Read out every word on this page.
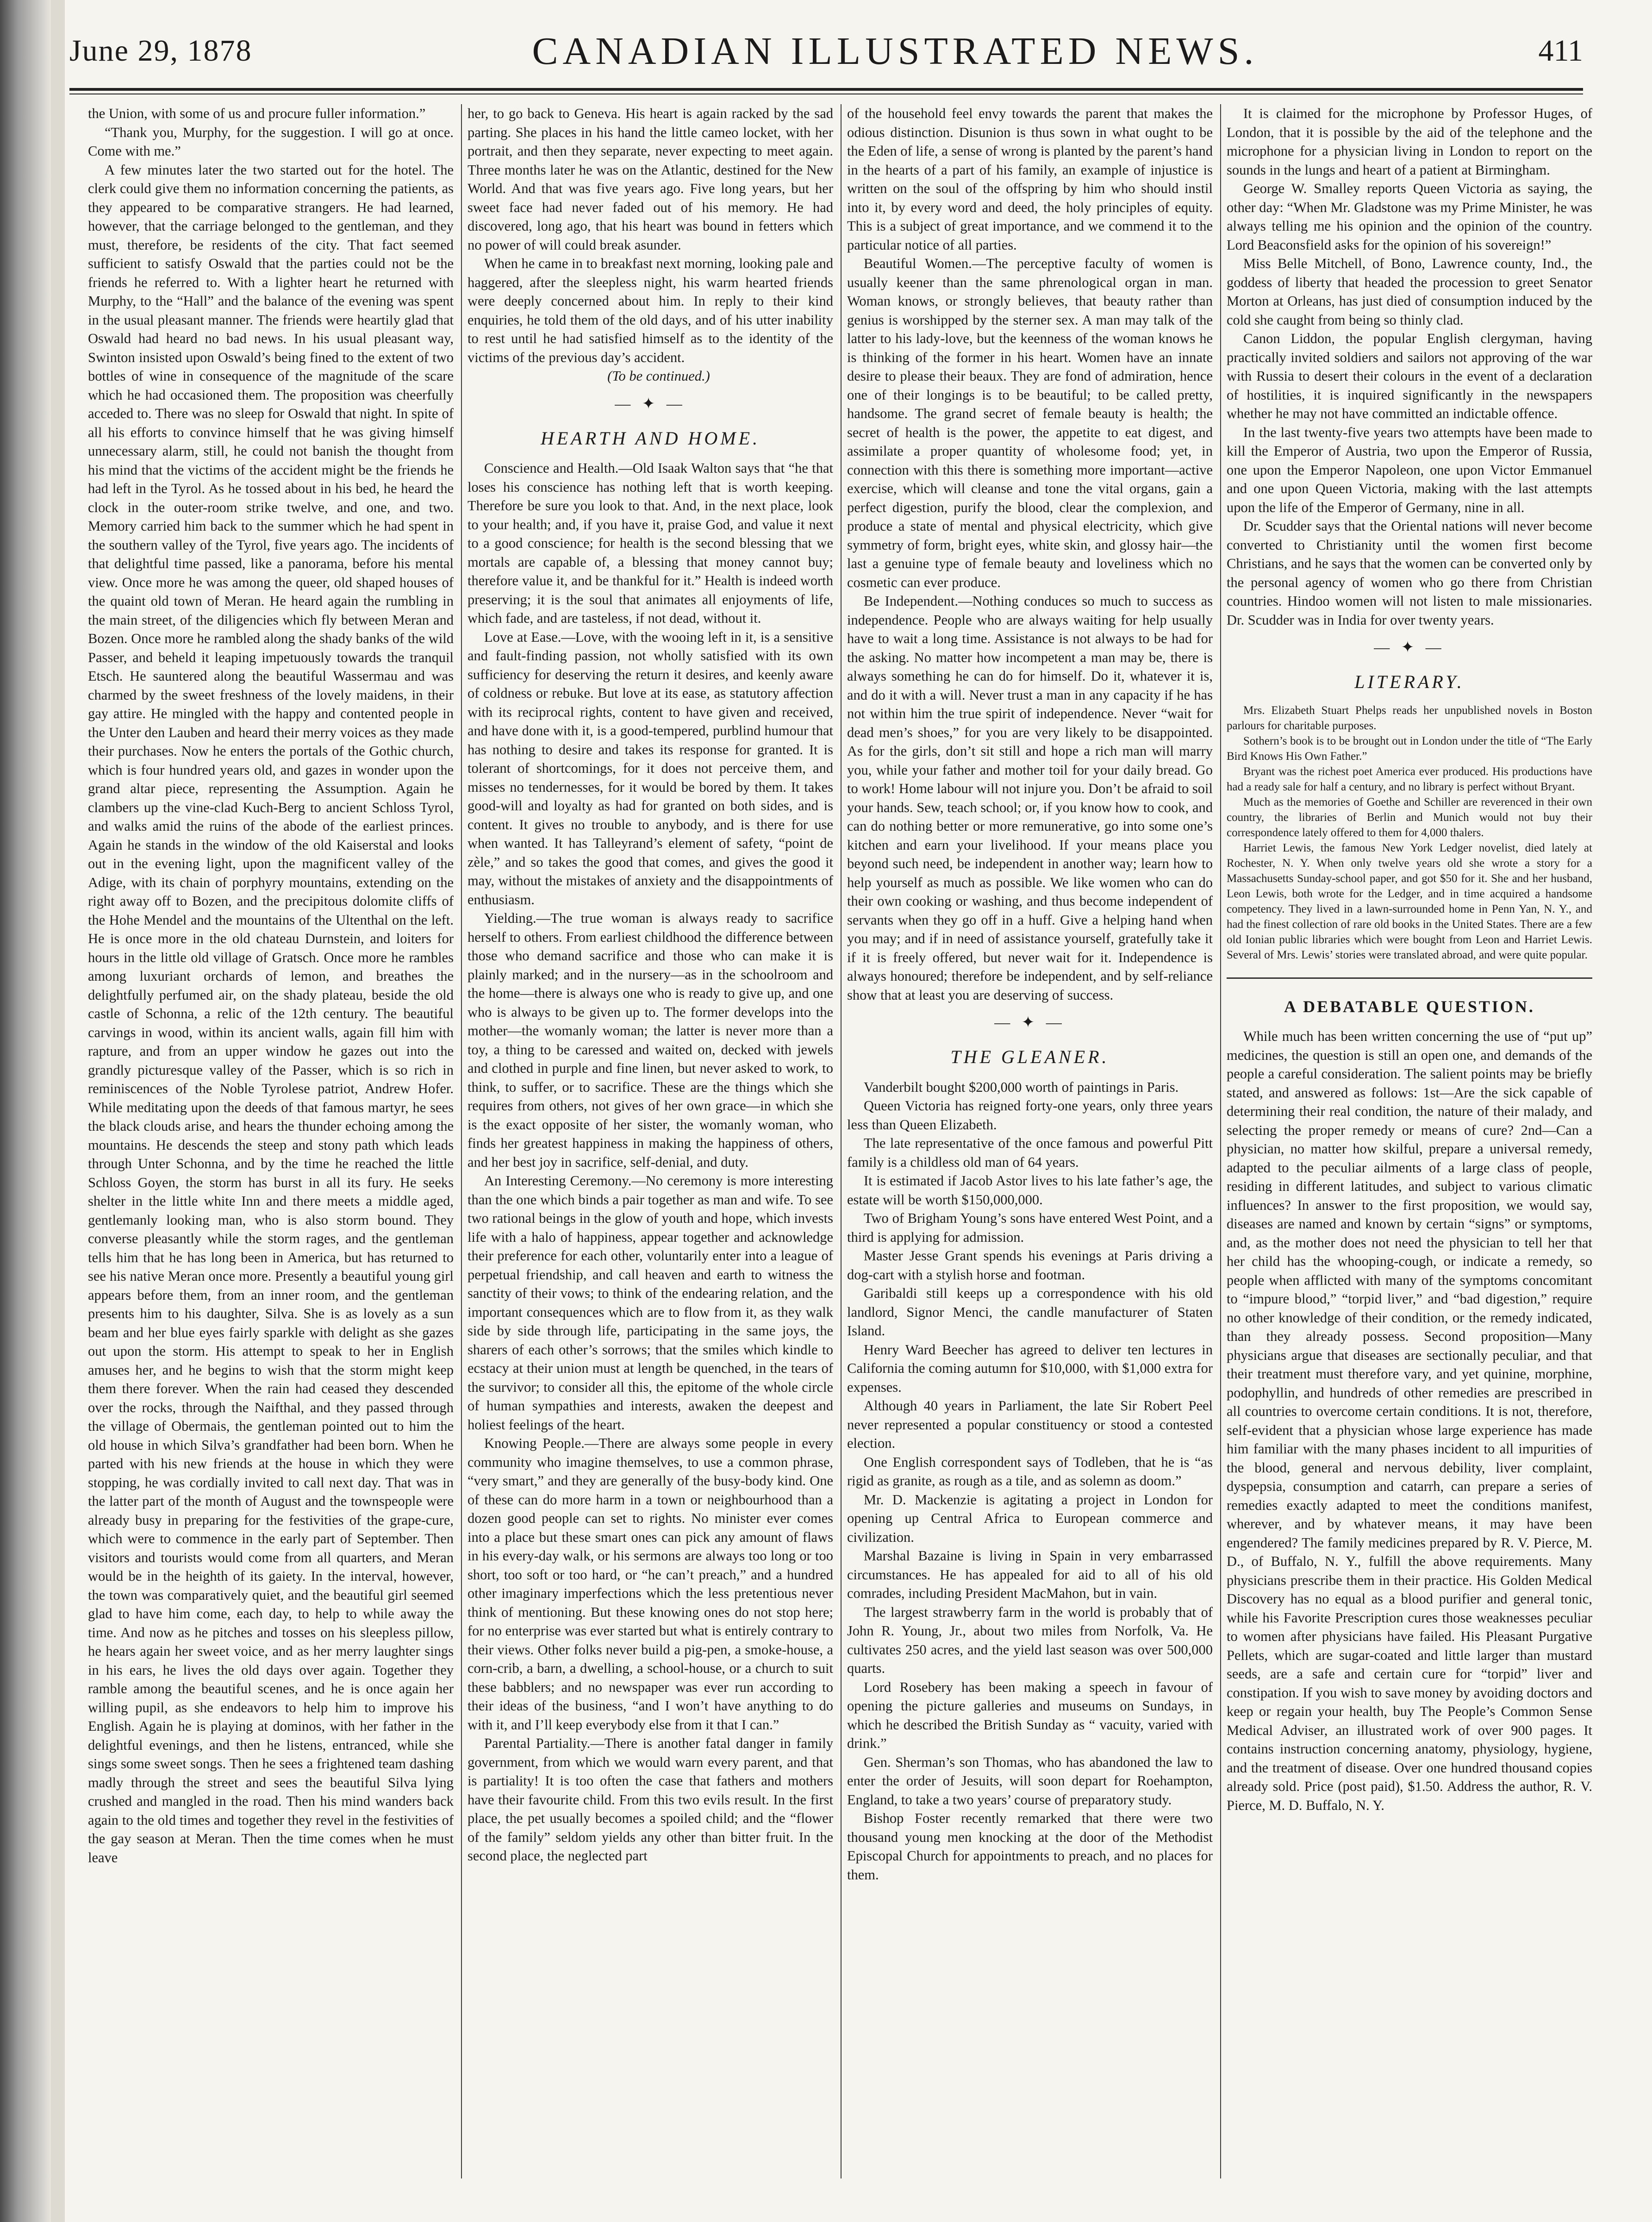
June 29, 1878	CANADIAN ILLUSTRATED NEWS.	411

the Union, with some of us and procure fuller information.”

“Thank you, Murphy, for the suggestion. I will go at once. Come with me.”

A few minutes later the two started out for the hotel. The clerk could give them no information concerning the patients, as they appeared to be comparative strangers. He had learned, however, that the carriage belonged to the gentleman, and they must, therefore, be residents of the city. That fact seemed sufficient to satisfy Oswald that the parties could not be the friends he referred to. With a lighter heart he returned with Murphy, to the “Hall” and the balance of the evening was spent in the usual pleasant manner. The friends were heartily glad that Oswald had heard no bad news. In his usual pleasant way, Swinton insisted upon Oswald’s being fined to the extent of two bottles of wine in consequence of the magnitude of the scare which he had occasioned them. The proposition was cheerfully acceded to. There was no sleep for Oswald that night. In spite of all his efforts to convince himself that he was giving himself unnecessary alarm, still, he could not banish the thought from his mind that the victims of the accident might be the friends he had left in the Tyrol. As he tossed about in his bed, he heard the clock in the outer-room strike twelve, and one, and two. Memory carried him back to the summer which he had spent in the southern valley of the Tyrol, five years ago. The incidents of that delightful time passed, like a panorama, before his mental view. Once more he was among the queer, old shaped houses of the quaint old town of Meran. He heard again the rumbling in the main street, of the diligencies which fly between Meran and Bozen. Once more he rambled along the shady banks of the wild Passer, and beheld it leaping impetuously towards the tranquil Etsch. He sauntered along the beautiful Wassermau and was charmed by the sweet freshness of the lovely maidens, in their gay attire. He mingled with the happy and contented people in the Unter den Lauben and heard their merry voices as they made their purchases. Now he enters the portals of the Gothic church, which is four hundred years old, and gazes in wonder upon the grand altar piece, representing the Assumption. Again he clambers up the vine-clad Kuch-Berg to ancient Schloss Tyrol, and walks amid the ruins of the abode of the earliest princes. Again he stands in the window of the old Kaiserstal and looks out in the evening light, upon the magnificent valley of the Adige, with its chain of porphyry mountains, extending on the right away off to Bozen, and the precipitous dolomite cliffs of the Hohe Mendel and the mountains of the Ultenthal on the left. He is once more in the old chateau Durnstein, and loiters for hours in the little old village of Gratsch. Once more he rambles among luxuriant orchards of lemon, and breathes the delightfully perfumed air, on the shady plateau, beside the old castle of Schonna, a relic of the 12th century. The beautiful carvings in wood, within its ancient walls, again fill him with rapture, and from an upper window he gazes out into the grandly picturesque valley of the Passer, which is so rich in reminiscences of the Noble Tyrolese patriot, Andrew Hofer. While meditating upon the deeds of that famous martyr, he sees the black clouds arise, and hears the thunder echoing among the mountains. He descends the steep and stony path which leads through Unter Schonna, and by the time he reached the little Schloss Goyen, the storm has burst in all its fury. He seeks shelter in the little white Inn and there meets a middle aged, gentlemanly looking man, who is also storm bound. They converse pleasantly while the storm rages, and the gentleman tells him that he has long been in America, but has returned to see his native Meran once more. Presently a beautiful young girl appears before them, from an inner room, and the gentleman presents him to his daughter, Silva. She is as lovely as a sun beam and her blue eyes fairly sparkle with delight as she gazes out upon the storm. His attempt to speak to her in English amuses her, and he begins to wish that the storm might keep them there forever. When the rain had ceased they descended over the rocks, through the Naifthal, and they passed through the village of Obermais, the gentleman pointed out to him the old house in which Silva’s grandfather had been born. When he parted with his new friends at the house in which they were stopping, he was cordially invited to call next day. That was in the latter part of the month of August and the townspeople were already busy in preparing for the festivities of the grape-cure, which were to commence in the early part of September. Then visitors and tourists would come from all quarters, and Meran would be in the heighth of its gaiety. In the interval, however, the town was comparatively quiet, and the beautiful girl seemed glad to have him come, each day, to help to while away the time. And now as he pitches and tosses on his sleepless pillow, he hears again her sweet voice, and as her merry laughter sings in his ears, he lives the old days over again. Together they ramble among the beautiful scenes, and he is once again her willing pupil, as she endeavors to help him to improve his English. Again he is playing at dominos, with her father in the delightful evenings, and then he listens, entranced, while she sings some sweet songs. Then he sees a frightened team dashing madly through the street and sees the beautiful Silva lying crushed and mangled in the road. Then his mind wanders back again to the old times and together they revel in the festivities of the gay season at Meran. Then the time comes when he must leave

her, to go back to Geneva. His heart is again racked by the sad parting. She places in his hand the little cameo locket, with her portrait, and then they separate, never expecting to meet again. Three months later he was on the Atlantic, destined for the New World. And that was five years ago. Five long years, but her sweet face had never faded out of his memory. He had discovered, long ago, that his heart was bound in fetters which no power of will could break asunder.

When he came in to breakfast next morning, looking pale and haggered, after the sleepless night, his warm hearted friends were deeply concerned about him. In reply to their kind enquiries, he told them of the old days, and of his utter inability to rest until he had satisfied himself as to the identity of the victims of the previous day’s accident.

(To be continued.)

— ✦ —
HEARTH AND HOME.

Conscience and Health.—Old Isaak Walton says that “he that loses his conscience has nothing left that is worth keeping. Therefore be sure you look to that. And, in the next place, look to your health; and, if you have it, praise God, and value it next to a good conscience; for health is the second blessing that we mortals are capable of, a blessing that money cannot buy; therefore value it, and be thankful for it.” Health is indeed worth preserving; it is the soul that animates all enjoyments of life, which fade, and are tasteless, if not dead, without it.

Love at Ease.—Love, with the wooing left in it, is a sensitive and fault-finding passion, not wholly satisfied with its own sufficiency for deserving the return it desires, and keenly aware of coldness or rebuke. But love at its ease, as statutory affection with its reciprocal rights, content to have given and received, and have done with it, is a good-tempered, purblind humour that has nothing to desire and takes its response for granted. It is tolerant of shortcomings, for it does not perceive them, and misses no tendernesses, for it would be bored by them. It takes good-will and loyalty as had for granted on both sides, and is content. It gives no trouble to anybody, and is there for use when wanted. It has Talleyrand’s element of safety, “point de zèle,” and so takes the good that comes, and gives the good it may, without the mistakes of anxiety and the disappointments of enthusiasm.

Yielding.—The true woman is always ready to sacrifice herself to others. From earliest childhood the difference between those who demand sacrifice and those who can make it is plainly marked; and in the nursery—as in the schoolroom and the home—there is always one who is ready to give up, and one who is always to be given up to. The former develops into the mother—the womanly woman; the latter is never more than a toy, a thing to be caressed and waited on, decked with jewels and clothed in purple and fine linen, but never asked to work, to think, to suffer, or to sacrifice. These are the things which she requires from others, not gives of her own grace—in which she is the exact opposite of her sister, the womanly woman, who finds her greatest happiness in making the happiness of others, and her best joy in sacrifice, self-denial, and duty.

An Interesting Ceremony.—No ceremony is more interesting than the one which binds a pair together as man and wife. To see two rational beings in the glow of youth and hope, which invests life with a halo of happiness, appear together and acknowledge their preference for each other, voluntarily enter into a league of perpetual friendship, and call heaven and earth to witness the sanctity of their vows; to think of the endearing relation, and the important consequences which are to flow from it, as they walk side by side through life, participating in the same joys, the sharers of each other’s sorrows; that the smiles which kindle to ecstacy at their union must at length be quenched, in the tears of the survivor; to consider all this, the epitome of the whole circle of human sympathies and interests, awaken the deepest and holiest feelings of the heart.

Knowing People.—There are always some people in every community who imagine themselves, to use a common phrase, “very smart,” and they are generally of the busy-body kind. One of these can do more harm in a town or neighbourhood than a dozen good people can set to rights. No minister ever comes into a place but these smart ones can pick any amount of flaws in his every-day walk, or his sermons are always too long or too short, too soft or too hard, or “he can’t preach,” and a hundred other imaginary imperfections which the less pretentious never think of mentioning. But these knowing ones do not stop here; for no enterprise was ever started but what is entirely contrary to their views. Other folks never build a pig-pen, a smoke-house, a corn-crib, a barn, a dwelling, a school-house, or a church to suit these babblers; and no newspaper was ever run according to their ideas of the business, “and I won’t have anything to do with it, and I’ll keep everybody else from it that I can.”

Parental Partiality.—There is another fatal danger in family government, from which we would warn every parent, and that is partiality! It is too often the case that fathers and mothers have their favourite child. From this two evils result. In the first place, the pet usually becomes a spoiled child; and the “flower of the family” seldom yields any other than bitter fruit. In the second place, the neglected part

of the household feel envy towards the parent that makes the odious distinction. Disunion is thus sown in what ought to be the Eden of life, a sense of wrong is planted by the parent’s hand in the hearts of a part of his family, an example of injustice is written on the soul of the offspring by him who should instil into it, by every word and deed, the holy principles of equity. This is a subject of great importance, and we commend it to the particular notice of all parties.

Beautiful Women.—The perceptive faculty of women is usually keener than the same phrenological organ in man. Woman knows, or strongly believes, that beauty rather than genius is worshipped by the sterner sex. A man may talk of the latter to his lady-love, but the keenness of the woman knows he is thinking of the former in his heart. Women have an innate desire to please their beaux. They are fond of admiration, hence one of their longings is to be beautiful; to be called pretty, handsome. The grand secret of female beauty is health; the secret of health is the power, the appetite to eat digest, and assimilate a proper quantity of wholesome food; yet, in connection with this there is something more important—active exercise, which will cleanse and tone the vital organs, gain a perfect digestion, purify the blood, clear the complexion, and produce a state of mental and physical electricity, which give symmetry of form, bright eyes, white skin, and glossy hair—the last a genuine type of female beauty and loveliness which no cosmetic can ever produce.

Be Independent.—Nothing conduces so much to success as independence. People who are always waiting for help usually have to wait a long time. Assistance is not always to be had for the asking. No matter how incompetent a man may be, there is always something he can do for himself. Do it, whatever it is, and do it with a will. Never trust a man in any capacity if he has not within him the true spirit of independence. Never “wait for dead men’s shoes,” for you are very likely to be disappointed. As for the girls, don’t sit still and hope a rich man will marry you, while your father and mother toil for your daily bread. Go to work! Home labour will not injure you. Don’t be afraid to soil your hands. Sew, teach school; or, if you know how to cook, and can do nothing better or more remunerative, go into some one’s kitchen and earn your livelihood. If your means place you beyond such need, be independent in another way; learn how to help yourself as much as possible. We like women who can do their own cooking or washing, and thus become independent of servants when they go off in a huff. Give a helping hand when you may; and if in need of assistance yourself, gratefully take it if it is freely offered, but never wait for it. Independence is always honoured; therefore be independent, and by self-reliance show that at least you are deserving of success.

— ✦ —
THE GLEANER.

Vanderbilt bought $200,000 worth of paintings in Paris.

Queen Victoria has reigned forty-one years, only three years less than Queen Elizabeth.

The late representative of the once famous and powerful Pitt family is a childless old man of 64 years.

It is estimated if Jacob Astor lives to his late father’s age, the estate will be worth $150,000,000.

Two of Brigham Young’s sons have entered West Point, and a third is applying for admission.

Master Jesse Grant spends his evenings at Paris driving a dog-cart with a stylish horse and footman.

Garibaldi still keeps up a correspondence with his old landlord, Signor Menci, the candle manufacturer of Staten Island.

Henry Ward Beecher has agreed to deliver ten lectures in California the coming autumn for $10,000, with $1,000 extra for expenses.

Although 40 years in Parliament, the late Sir Robert Peel never represented a popular constituency or stood a contested election.

One English correspondent says of Todleben, that he is “as rigid as granite, as rough as a tile, and as solemn as doom.”

Mr. D. Mackenzie is agitating a project in London for opening up Central Africa to European commerce and civilization.

Marshal Bazaine is living in Spain in very embarrassed circumstances. He has appealed for aid to all of his old comrades, including President MacMahon, but in vain.

The largest strawberry farm in the world is probably that of John R. Young, Jr., about two miles from Norfolk, Va. He cultivates 250 acres, and the yield last season was over 500,000 quarts.

Lord Rosebery has been making a speech in favour of opening the picture galleries and museums on Sundays, in which he described the British Sunday as “ vacuity, varied with drink.”

Gen. Sherman’s son Thomas, who has abandoned the law to enter the order of Jesuits, will soon depart for Roehampton, England, to take a two years’ course of preparatory study.

Bishop Foster recently remarked that there were two thousand young men knocking at the door of the Methodist Episcopal Church for appointments to preach, and no places for them.

It is claimed for the microphone by Professor Huges, of London, that it is possible by the aid of the telephone and the microphone for a physician living in London to report on the sounds in the lungs and heart of a patient at Birmingham.

George W. Smalley reports Queen Victoria as saying, the other day: “When Mr. Gladstone was my Prime Minister, he was always telling me his opinion and the opinion of the country. Lord Beaconsfield asks for the opinion of his sovereign!”

Miss Belle Mitchell, of Bono, Lawrence county, Ind., the goddess of liberty that headed the procession to greet Senator Morton at Orleans, has just died of consumption induced by the cold she caught from being so thinly clad.

Canon Liddon, the popular English clergyman, having practically invited soldiers and sailors not approving of the war with Russia to desert their colours in the event of a declaration of hostilities, it is inquired significantly in the newspapers whether he may not have committed an indictable offence.

In the last twenty-five years two attempts have been made to kill the Emperor of Austria, two upon the Emperor of Russia, one upon the Emperor Napoleon, one upon Victor Emmanuel and one upon Queen Victoria, making with the last attempts upon the life of the Emperor of Germany, nine in all.

Dr. Scudder says that the Oriental nations will never become converted to Christianity until the women first become Christians, and he says that the women can be converted only by the personal agency of women who go there from Christian countries. Hindoo women will not listen to male missionaries. Dr. Scudder was in India for over twenty years.

— ✦ —
LITERARY.

Mrs. Elizabeth Stuart Phelps reads her unpublished novels in Boston parlours for charitable purposes.

Sothern’s book is to be brought out in London under the title of “The Early Bird Knows His Own Father.”

Bryant was the richest poet America ever produced. His productions have had a ready sale for half a century, and no library is perfect without Bryant.

Much as the memories of Goethe and Schiller are reverenced in their own country, the libraries of Berlin and Munich would not buy their correspondence lately offered to them for 4,000 thalers.

Harriet Lewis, the famous New York Ledger novelist, died lately at Rochester, N. Y. When only twelve years old she wrote a story for a Massachusetts Sunday-school paper, and got $50 for it. She and her husband, Leon Lewis, both wrote for the Ledger, and in time acquired a handsome competency. They lived in a lawn-surrounded home in Penn Yan, N. Y., and had the finest collection of rare old books in the United States. There are a few old Ionian public libraries which were bought from Leon and Harriet Lewis. Several of Mrs. Lewis’ stories were translated abroad, and were quite popular.

A DEBATABLE QUESTION.

While much has been written concerning the use of “put up” medicines, the question is still an open one, and demands of the people a careful consideration. The salient points may be briefly stated, and answered as follows: 1st—Are the sick capable of determining their real condition, the nature of their malady, and selecting the proper remedy or means of cure? 2nd—Can a physician, no matter how skilful, prepare a universal remedy, adapted to the peculiar ailments of a large class of people, residing in different latitudes, and subject to various climatic influences? In answer to the first proposition, we would say, diseases are named and known by certain “signs” or symptoms, and, as the mother does not need the physician to tell her that her child has the whooping-cough, or indicate a remedy, so people when afflicted with many of the symptoms concomitant to “impure blood,” “torpid liver,” and “bad digestion,” require no other knowledge of their condition, or the remedy indicated, than they already possess. Second proposition—Many physicians argue that diseases are sectionally peculiar, and that their treatment must therefore vary, and yet quinine, morphine, podophyllin, and hundreds of other remedies are prescribed in all countries to overcome certain conditions. It is not, therefore, self-evident that a physician whose large experience has made him familiar with the many phases incident to all impurities of the blood, general and nervous debility, liver complaint, dyspepsia, consumption and catarrh, can prepare a series of remedies exactly adapted to meet the conditions manifest, wherever, and by whatever means, it may have been engendered? The family medicines prepared by R. V. Pierce, M. D., of Buffalo, N. Y., fulfill the above requirements. Many physicians prescribe them in their practice. His Golden Medical Discovery has no equal as a blood purifier and general tonic, while his Favorite Prescription cures those weaknesses peculiar to women after physicians have failed. His Pleasant Purgative Pellets, which are sugar-coated and little larger than mustard seeds, are a safe and certain cure for “torpid” liver and constipation. If you wish to save money by avoiding doctors and keep or regain your health, buy The People’s Common Sense Medical Adviser, an illustrated work of over 900 pages. It contains instruction concerning anatomy, physiology, hygiene, and the treatment of disease. Over one hundred thousand copies already sold. Price (post paid), $1.50. Address the author, R. V. Pierce, M. D. Buffalo, N. Y.
